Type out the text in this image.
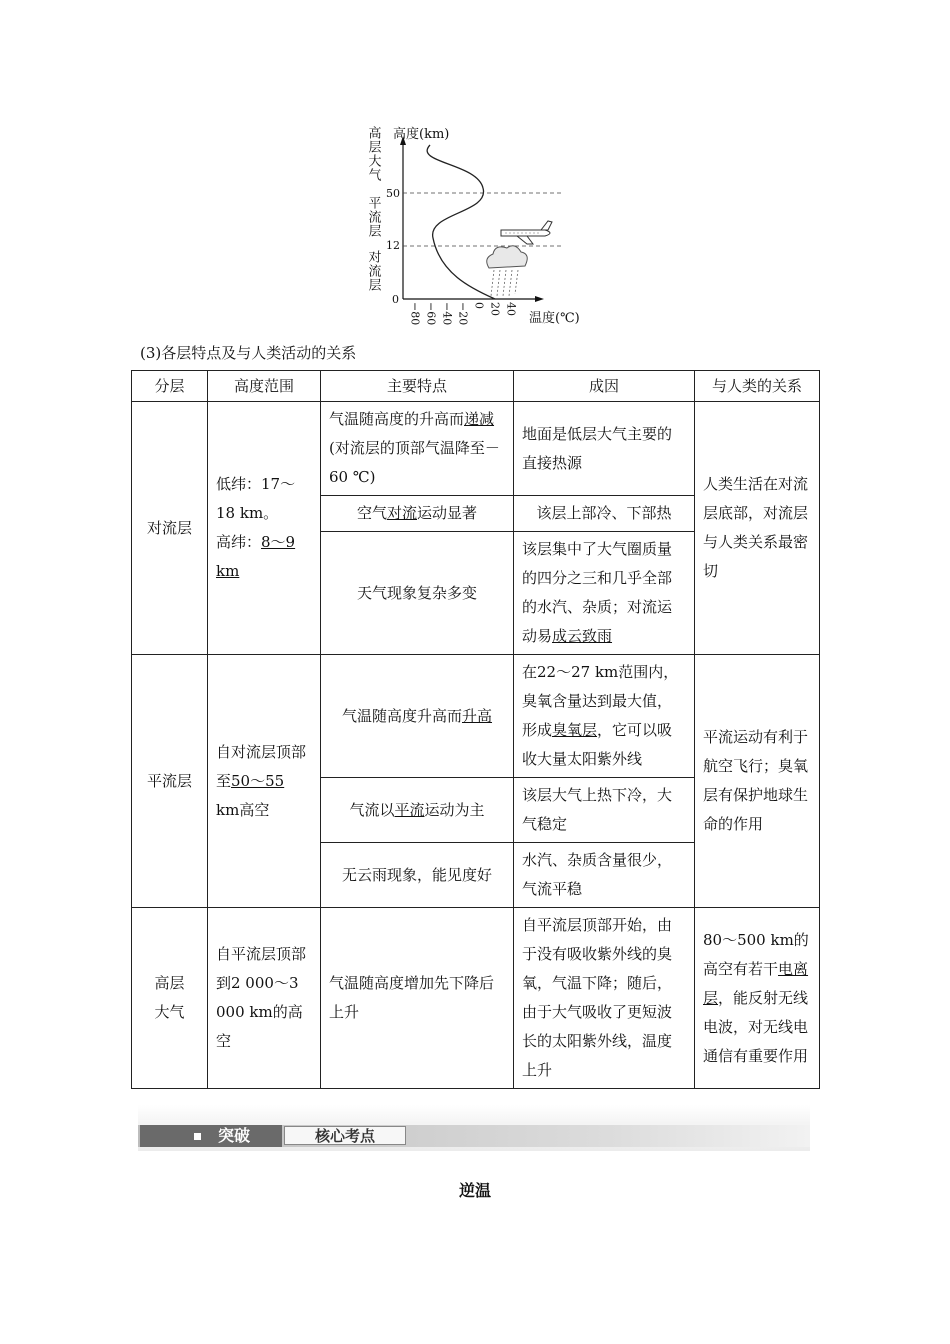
高层大气
平流层
对流层
高度(km)
温度(℃)
0
12
50
−80 −60 −40 −20 0 20 40
(3)各层特点及与人类活动的关系
分层	高度范围	主要特点	成因	与人类的关系
对流层	低纬：17～18 km。
高纬：8～9 km	气温随高度的升高而递减(对流层的顶部气温降至－60 ℃)	地面是低层大气主要的直接热源	人类生活在对流层底部，对流层与人类关系最密切
		空气对流运动显著	该层上部冷、下部热	
		天气现象复杂多变	该层集中了大气圈质量的四分之三和几乎全部的水汽、杂质；对流运动易成云致雨	
平流层	自对流层顶部至50～55 km高空	气温随高度升高而升高	在22～27 km范围内，臭氧含量达到最大值，形成臭氧层，它可以吸收大量太阳紫外线	平流运动有利于航空飞行；臭氧层有保护地球生命的作用
		气流以平流运动为主	该层大气上热下冷，大气稳定	
		无云雨现象，能见度好	水汽、杂质含量很少，气流平稳	
高层大气	自平流层顶部到2 000～3 000 km的高空	气温随高度增加先下降后上升	自平流层顶部开始，由于没有吸收紫外线的臭氧，气温下降；随后，由于大气吸收了更短波长的太阳紫外线，温度上升	80～500 km的高空有若干电离层，能反射无线电波，对无线电通信有重要作用
突破	核心考点
逆温
